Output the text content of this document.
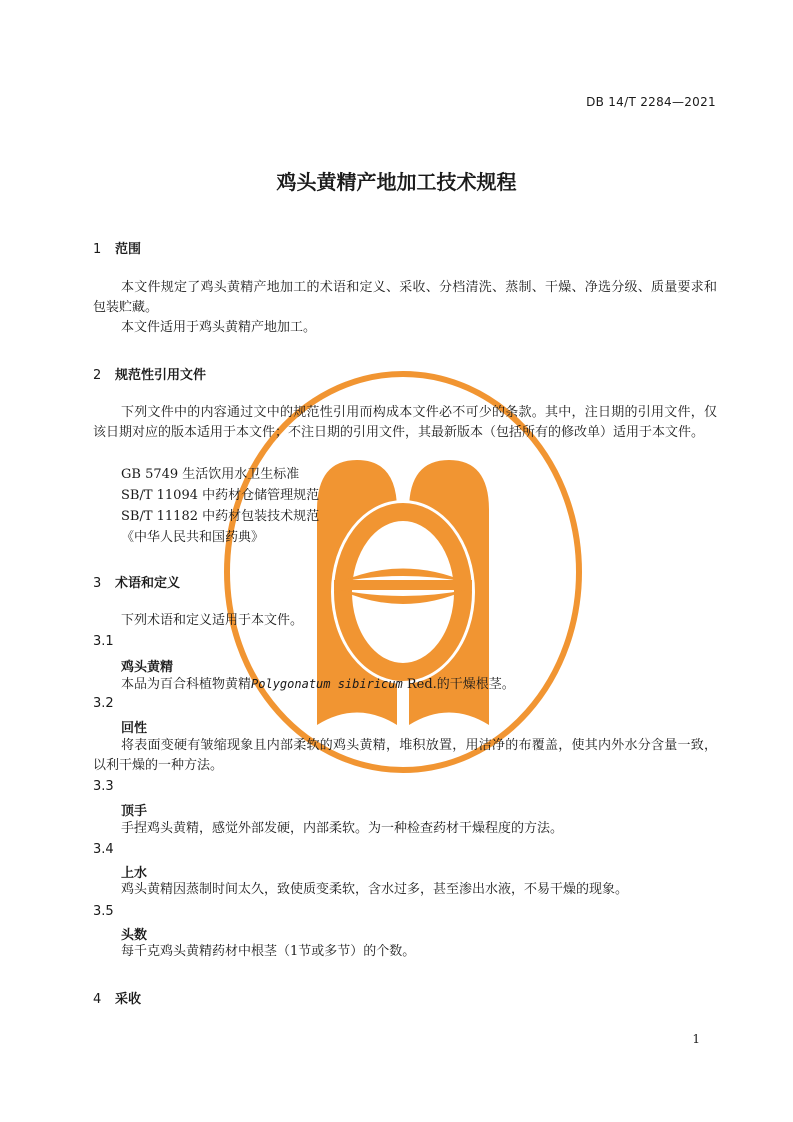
DB 14/T 2284—2021
鸡头黄精产地加工技术规程
1 范围
本文件规定了鸡头黄精产地加工的术语和定义、采收、分档清洗、蒸制、干燥、净选分级、质量要求和包装贮藏。
本文件适用于鸡头黄精产地加工。
2 规范性引用文件
下列文件中的内容通过文中的规范性引用而构成本文件必不可少的条款。其中，注日期的引用文件，仅该日期对应的版本适用于本文件；不注日期的引用文件，其最新版本（包括所有的修改单）适用于本文件。
GB 5749 生活饮用水卫生标准
SB/T 11094 中药材仓储管理规范
SB/T 11182 中药材包装技术规范
《中华人民共和国药典》
3 术语和定义
下列术语和定义适用于本文件。
3.1
鸡头黄精
本品为百合科植物黄精Polygonatum sibiricum Red.的干燥根茎。
3.2
回性
将表面变硬有皱缩现象且内部柔软的鸡头黄精，堆积放置，用洁净的布覆盖，使其内外水分含量一致，以利干燥的一种方法。
3.3
顶手
手捏鸡头黄精，感觉外部发硬，内部柔软。为一种检查药材干燥程度的方法。
3.4
上水
鸡头黄精因蒸制时间太久，致使质变柔软，含水过多，甚至渗出水液，不易干燥的现象。
3.5
头数
每千克鸡头黄精药材中根茎（1节或多节）的个数。
4 采收
1
